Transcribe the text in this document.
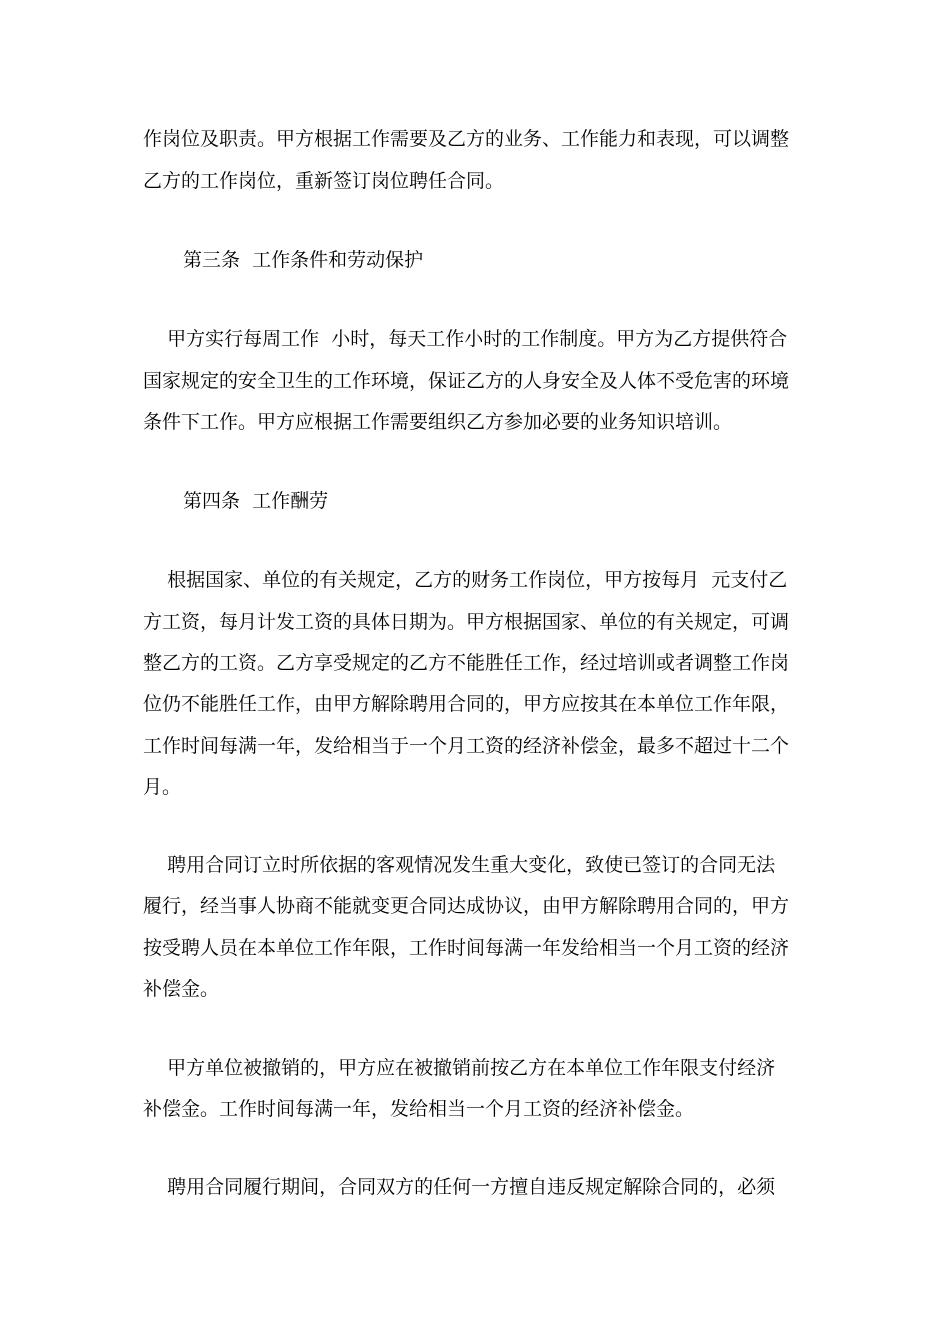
作岗位及职责。甲方根据工作需要及乙方的业务、工作能力和表现，可以调整

乙方的工作岗位，重新签订岗位聘任合同。

第三条  工作条件和劳动保护

甲方实行每周工作  小时，每天工作小时的工作制度。甲方为乙方提供符合

国家规定的安全卫生的工作环境，保证乙方的人身安全及人体不受危害的环境

条件下工作。甲方应根据工作需要组织乙方参加必要的业务知识培训。

第四条  工作酬劳

根据国家、单位的有关规定，乙方的财务工作岗位，甲方按每月  元支付乙

方工资，每月计发工资的具体日期为。甲方根据国家、单位的有关规定，可调

整乙方的工资。乙方享受规定的乙方不能胜任工作，经过培训或者调整工作岗

位仍不能胜任工作，由甲方解除聘用合同的，甲方应按其在本单位工作年限，

工作时间每满一年，发给相当于一个月工资的经济补偿金，最多不超过十二个

月。

聘用合同订立时所依据的客观情况发生重大变化，致使已签订的合同无法

履行，经当事人协商不能就变更合同达成协议，由甲方解除聘用合同的，甲方

按受聘人员在本单位工作年限，工作时间每满一年发给相当一个月工资的经济

补偿金。

甲方单位被撤销的，甲方应在被撤销前按乙方在本单位工作年限支付经济

补偿金。工作时间每满一年，发给相当一个月工资的经济补偿金。

聘用合同履行期间，合同双方的任何一方擅自违反规定解除合同的，必须
